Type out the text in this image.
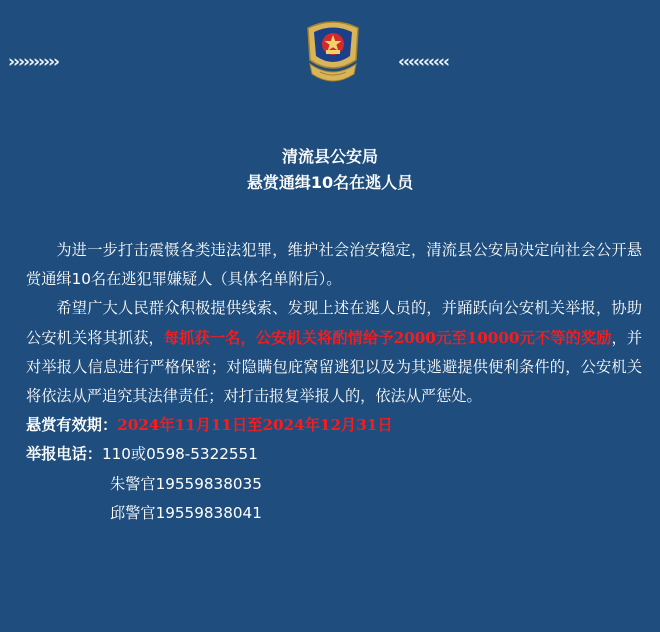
››››››››››	‹‹‹‹‹‹‹‹‹‹
清流县公安局
悬赏通缉10名在逃人员

为进一步打击震慑各类违法犯罪，维护社会治安稳定，清流县公安局决定向社会公开悬赏通缉10名在逃犯罪嫌疑人（具体名单附后）。

希望广大人民群众积极提供线索、发现上述在逃人员的，并踊跃向公安机关举报，协助公安机关将其抓获，每抓获一名，公安机关将酌情给予2000元至10000元不等的奖励，并对举报人信息进行严格保密；对隐瞒包庇窝留逃犯以及为其逃避提供便利条件的，公安机关将依法从严追究其法律责任；对打击报复举报人的，依法从严惩处。

悬赏有效期：2024年11月11日至2024年12月31日
举报电话：110或0598-5322551
朱警官19559838035
邱警官19559838041
